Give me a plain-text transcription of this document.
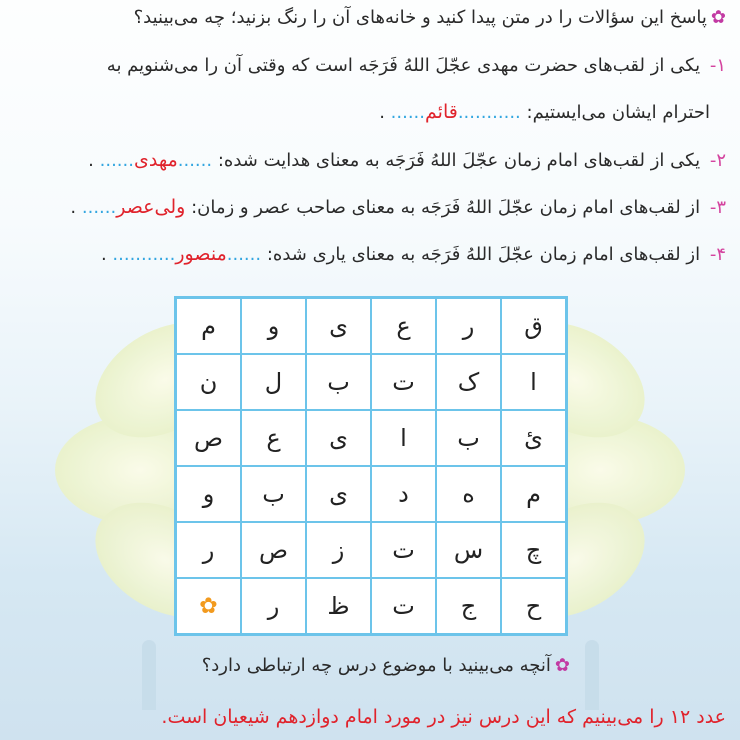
✿پاسخ این سؤالات را در متن پیدا کنید و خانه‌های آن را رنگ بزنید؛ چه می‌بینید؟
۱- یکی از لقب‌های حضرت مهدی عجّلَ اللهُ فَرَجَه است که وقتی آن را می‌شنویم به
احترام ایشان می‌ایستیم: ..... قائم...... .
۲- یکی از لقب‌های امام زمان عجّلَ اللهُ فَرَجَه به معنای هدایت شده: ...... مهدی...... .
۳- از لقب‌های امام زمان عجّلَ اللهُ فَرَجَه به معنای صاحب عصر و زمان: ولی‌عصر...... .
۴- از لقب‌های امام زمان عجّلَ اللهُ فَرَجَه به معنای یاری شده: ...... منصور..... .
ق
ر
ع
ی
و
م
ا
ک
ت
ب
ل
ن
ئ
ب
ا
ی
ع
ص
م
ه
د
ی
ب
و
چ
س
ت
ز
ص
ر
ح
ج
ت
ظ
ر
✿
✿آنچه می‌بینید با موضوع درس چه ارتباطی دارد؟
عدد ۱۲ را می‌بینیم که این درس نیز در مورد امام دوازدهم شیعیان است.
